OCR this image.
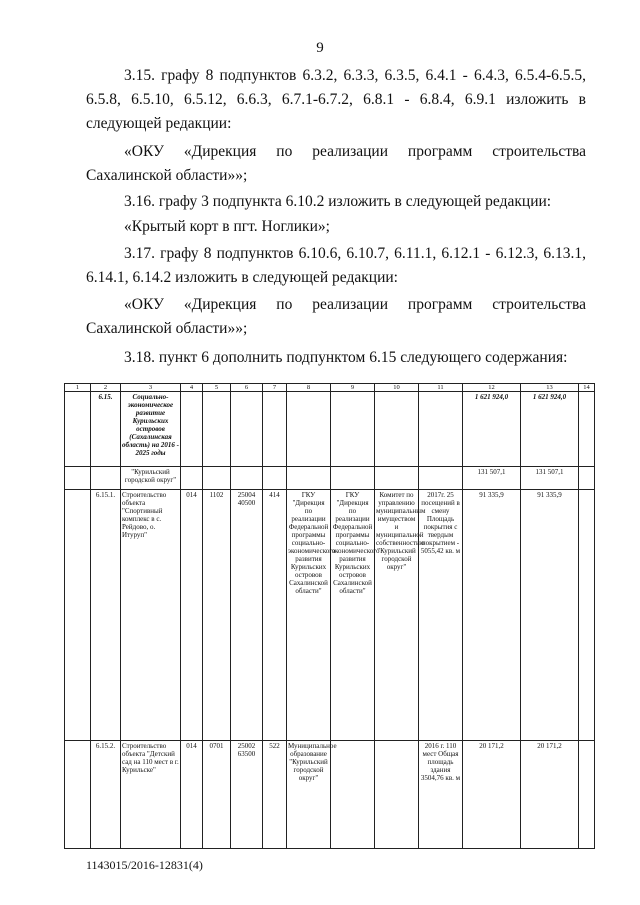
9
3.15. графу 8 подпунктов 6.3.2, 6.3.3, 6.3.5, 6.4.1 - 6.4.3, 6.5.4-6.5.5, 6.5.8, 6.5.10, 6.5.12, 6.6.3, 6.7.1-6.7.2, 6.8.1 - 6.8.4, 6.9.1 изложить в следующей редакции:
«ОКУ «Дирекция по реализации программ строительства Сахалинской области»»;
3.16. графу 3 подпункта 6.10.2 изложить в следующей редакции:
«Крытый корт в пгт. Ноглики»;
3.17. графу 8 подпунктов 6.10.6, 6.10.7, 6.11.1, 6.12.1 - 6.12.3, 6.13.1, 6.14.1, 6.14.2 изложить в следующей редакции:
«ОКУ «Дирекция по реализации программ строительства Сахалинской области»»;
3.18. пункт 6 дополнить подпунктом 6.15 следующего содержания:
1	2	3	4	5	6	7	8	9	10	11	12	13	14
	6.15.	Социально-экономическое развитие Курильских островов (Сахалинская область) на 2016 - 2025 годы									1 621 924,0	1 621 924,0	
		"Курильский городской округ"									131 507,1	131 507,1	
	6.15.1.	Строительство объекта "Спортивный комплекс в с. Рейдово, о. Итуруп"	014	1102	25004 40500	414	ГКУ "Дирекция по реализации Федеральной программы социально-экономического развития Курильских островов Сахалинской области"	ГКУ "Дирекция по реализации Федеральной программы социально-экономического развития Курильских островов Сахалинской области"	Комитет по управлению муниципальным имуществом и муниципальной собственностью "Курильский городской округ"	2017г. 25 посещений в смену Площадь покрытия с твердым покрытием - 5055,42 кв. м	91 335,9	91 335,9	
	6.15.2.	Строительство объекта "Детский сад на 110 мест в г. Курильске"	014	0701	25002 63500	522	Муниципальное образование "Курильский городской округ"			2016 г. 110 мест Общая площадь здания 3504,76 кв. м	20 171,2	20 171,2	
1143015/2016-12831(4)
